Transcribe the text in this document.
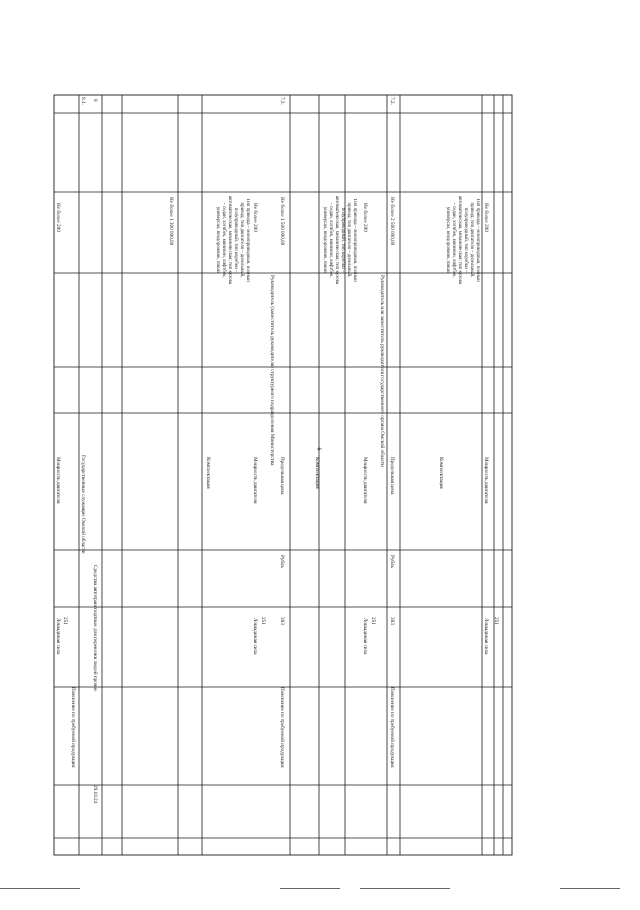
9
251
Лошадиная сила
Мощность двигателя
Не более 200
Комплектация
Тип привода – моноприводный, полный привод; тип двигателя – дизельный, полуприводный, тип коробки – автоматическая, механическая; тип кузова – седан, хэтчбек, минивэн, лифтбек, универсал, внедорожник, пикап
7.2.
Пояснение по требуемой продукции:
383
Рубль
Предельная цена
Не более 2 500 000,00
Руководитель или заместитель руководителя государственного органа Омской области
251
Лошадиная сила
Мощность двигателя
Не более 200
Комплектация
Тип привода – моноприводный, полный привод; тип двигателя – дизельный, полуприводный, тип коробки – автоматическая, механическая; тип кузова – седан, хэтчбек, минивэн, лифтбек, универсал, внедорожник, пикап
7.3.
Пояснение по требуемой продукции:
383
Рубль
Предельная цена
Не более 1 500 000,00
Руководитель (заместитель руководителя) структурного подразделения Министерства
251
Лошадиная сила
Мощность двигателя
Не более 200
Комплектация
Тип привода – моноприводный, полный привод; тип двигателя – дизельный, полуприводный, тип коробки – автоматическая, механическая; тип кузова – седан, хэтчбек, минивэн, лифтбек, универсал, внедорожник, пикап
Не более 1 300 000,00
8
29.10.24
Средства автотранспортные для перевозки людей прочие
8.1.
Государственные служащие Омской области
Пояснение по требуемой продукции:
251
Лошадиная сила
Мощность двигателя
Не более 200
